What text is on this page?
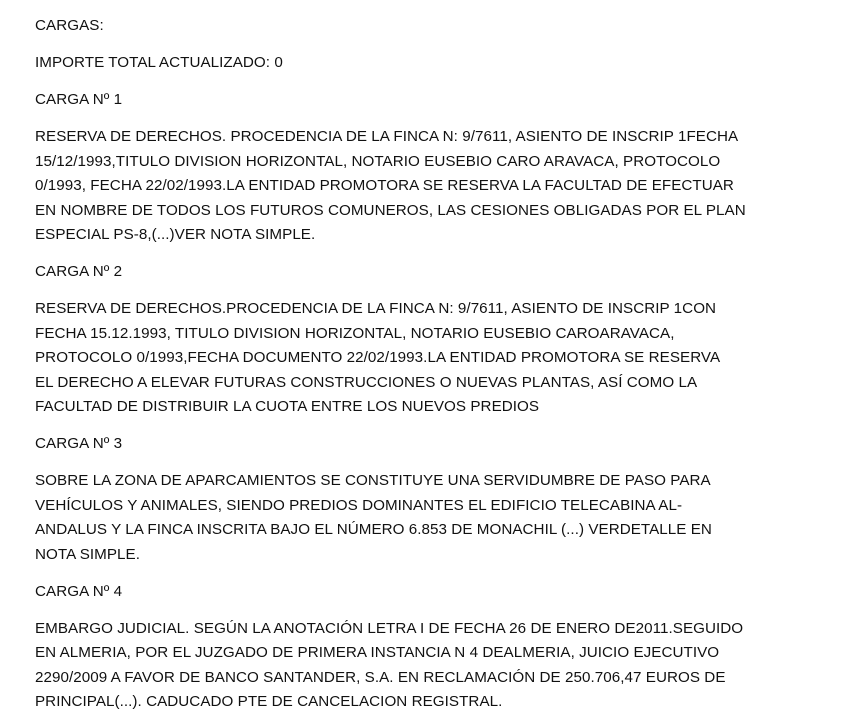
CARGAS:

IMPORTE TOTAL ACTUALIZADO: 0

CARGA Nº 1

RESERVA DE DERECHOS. PROCEDENCIA DE LA FINCA N: 9/7611, ASIENTO DE INSCRIP 1FECHA
15/12/1993,TITULO DIVISION HORIZONTAL, NOTARIO EUSEBIO CARO ARAVACA, PROTOCOLO
0/1993, FECHA 22/02/1993.LA ENTIDAD PROMOTORA SE RESERVA LA FACULTAD DE EFECTUAR
EN NOMBRE DE TODOS LOS FUTUROS COMUNEROS, LAS CESIONES OBLIGADAS POR EL PLAN
ESPECIAL PS-8,(...)VER NOTA SIMPLE.

CARGA Nº 2

RESERVA DE DERECHOS.PROCEDENCIA DE LA FINCA N: 9/7611, ASIENTO DE INSCRIP 1CON
FECHA 15.12.1993, TITULO DIVISION HORIZONTAL, NOTARIO EUSEBIO CAROARAVACA,
PROTOCOLO 0/1993,FECHA DOCUMENTO 22/02/1993.LA ENTIDAD PROMOTORA SE RESERVA
EL DERECHO A ELEVAR FUTURAS CONSTRUCCIONES O NUEVAS PLANTAS, ASÍ COMO LA
FACULTAD DE DISTRIBUIR LA CUOTA ENTRE LOS NUEVOS PREDIOS

CARGA Nº 3

SOBRE LA ZONA DE APARCAMIENTOS SE CONSTITUYE UNA SERVIDUMBRE DE PASO PARA
VEHÍCULOS Y ANIMALES, SIENDO PREDIOS DOMINANTES EL EDIFICIO TELECABINA AL-
ANDALUS Y LA FINCA INSCRITA BAJO EL NÚMERO 6.853 DE MONACHIL (...) VERDETALLE EN
NOTA SIMPLE.

CARGA Nº 4

EMBARGO JUDICIAL. SEGÚN LA ANOTACIÓN LETRA I DE FECHA 26 DE ENERO DE2011.SEGUIDO
EN ALMERIA, POR EL JUZGADO DE PRIMERA INSTANCIA N 4 DEALMERIA, JUICIO EJECUTIVO
2290/2009 A FAVOR DE BANCO SANTANDER, S.A. EN RECLAMACIÓN DE 250.706,47 EUROS DE
PRINCIPAL(...). CADUCADO PTE DE CANCELACION REGISTRAL.
